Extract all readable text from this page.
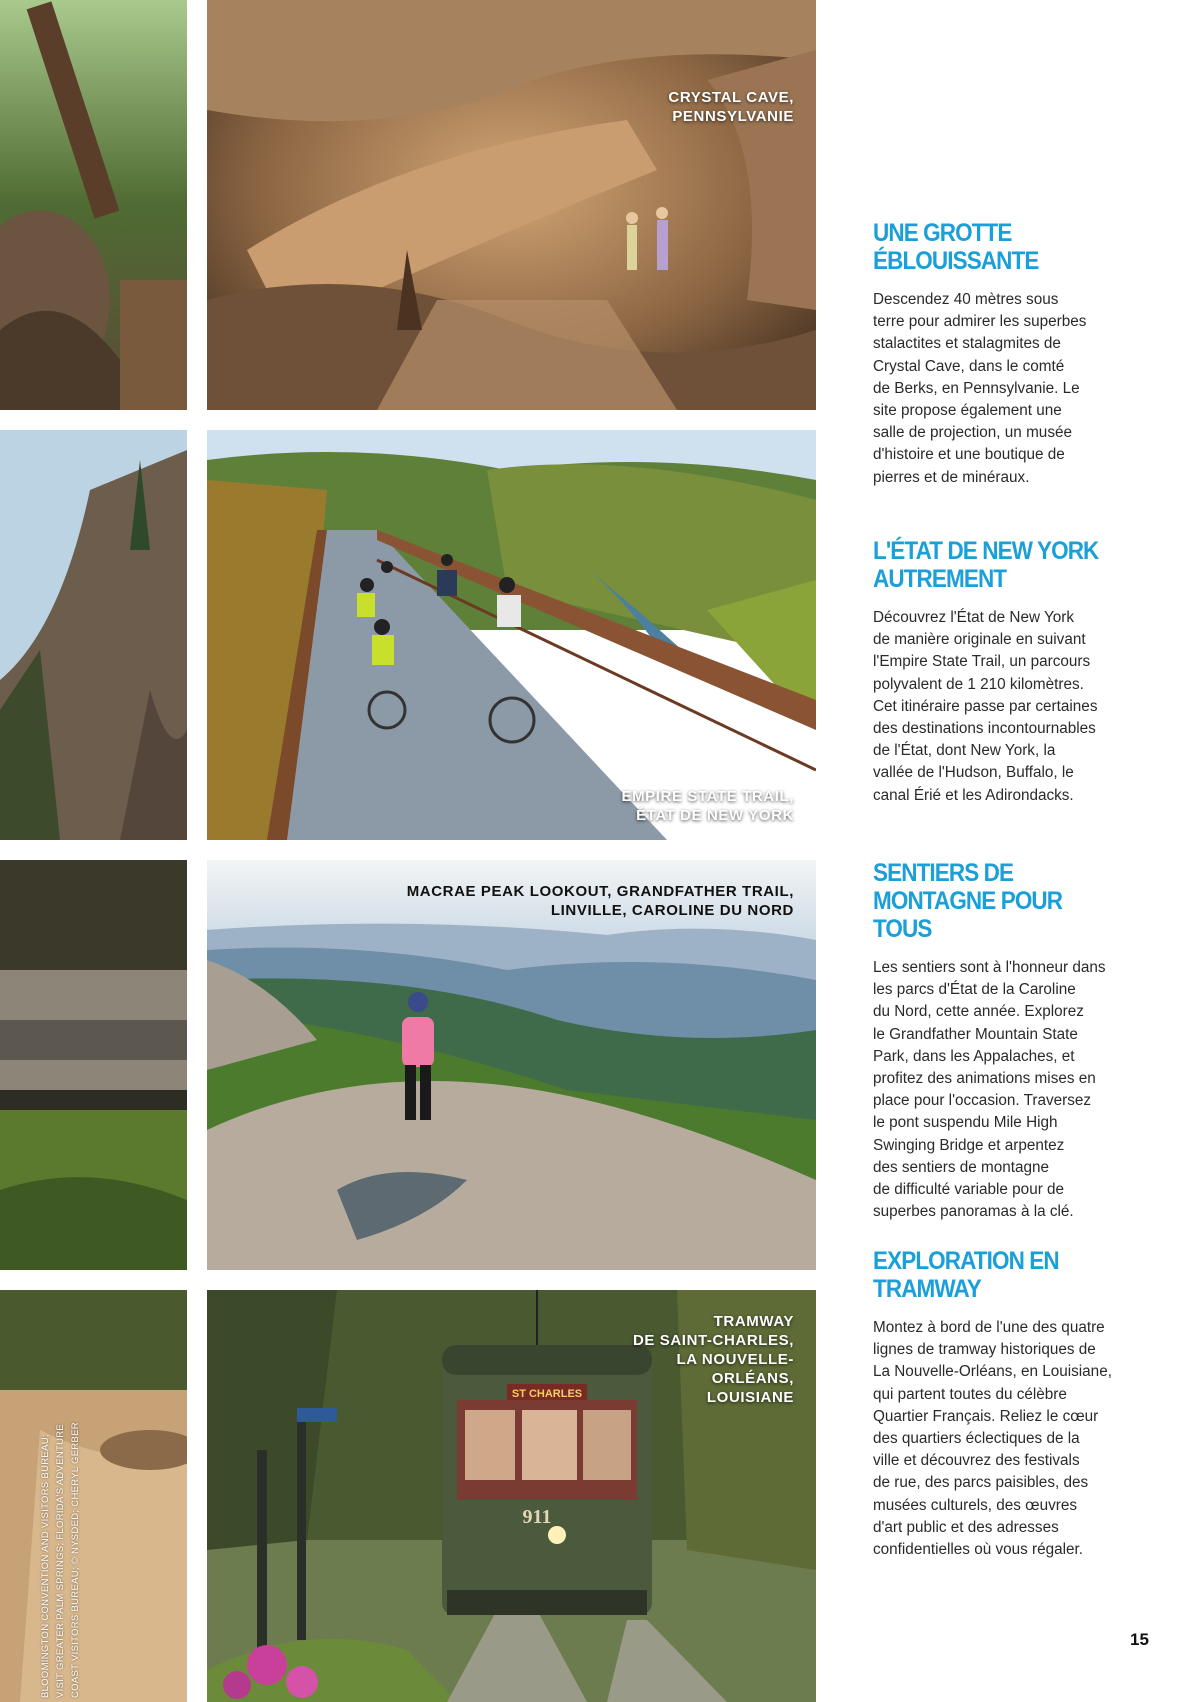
CRYSTAL CAVE,
PENNSYLVANIE
EMPIRE STATE TRAIL,
ÉTAT DE NEW YORK
MACRAE PEAK LOOKOUT, GRANDFATHER TRAIL,
LINVILLE, CAROLINE DU NORD
ST CHARLES
911
TRAMWAY
DE SAINT-CHARLES,
LA NOUVELLE-
ORLÉANS,
LOUISIANE
BLOOMINGTON CONVENTION AND VISITORS BUREAU;
VISIT GREATER PALM SPRINGS; FLORIDA'S ADVENTURE
COAST VISITORS BUREAU; © NYSDED; CHERYL GERBER
UNE GROTTE
ÉBLOUISSANTE

Descendez 40 mètres sous
terre pour admirer les superbes
stalactites et stalagmites de
Crystal Cave, dans le comté
de Berks, en Pennsylvanie. Le
site propose également une
salle de projection, un musée
d'histoire et une boutique de
pierres et de minéraux.

L'ÉTAT DE NEW YORK
AUTREMENT

Découvrez l'État de New York
de manière originale en suivant
l'Empire State Trail, un parcours
polyvalent de 1 210 kilomètres.
Cet itinéraire passe par certaines
des destinations incontournables
de l'État, dont New York, la
vallée de l'Hudson, Buffalo, le
canal Érié et les Adirondacks.

SENTIERS DE
MONTAGNE POUR TOUS

Les sentiers sont à l'honneur dans
les parcs d'État de la Caroline
du Nord, cette année. Explorez
le Grandfather Mountain State
Park, dans les Appalaches, et
profitez des animations mises en
place pour l'occasion. Traversez
le pont suspendu Mile High
Swinging Bridge et arpentez
des sentiers de montagne
de difficulté variable pour de
superbes panoramas à la clé.

EXPLORATION EN
TRAMWAY

Montez à bord de l'une des quatre
lignes de tramway historiques de
La Nouvelle-Orléans, en Louisiane,
qui partent toutes du célèbre
Quartier Français. Reliez le cœur
des quartiers éclectiques de la
ville et découvrez des festivals
de rue, des parcs paisibles, des
musées culturels, des œuvres
d'art public et des adresses
confidentielles où vous régaler.

15
